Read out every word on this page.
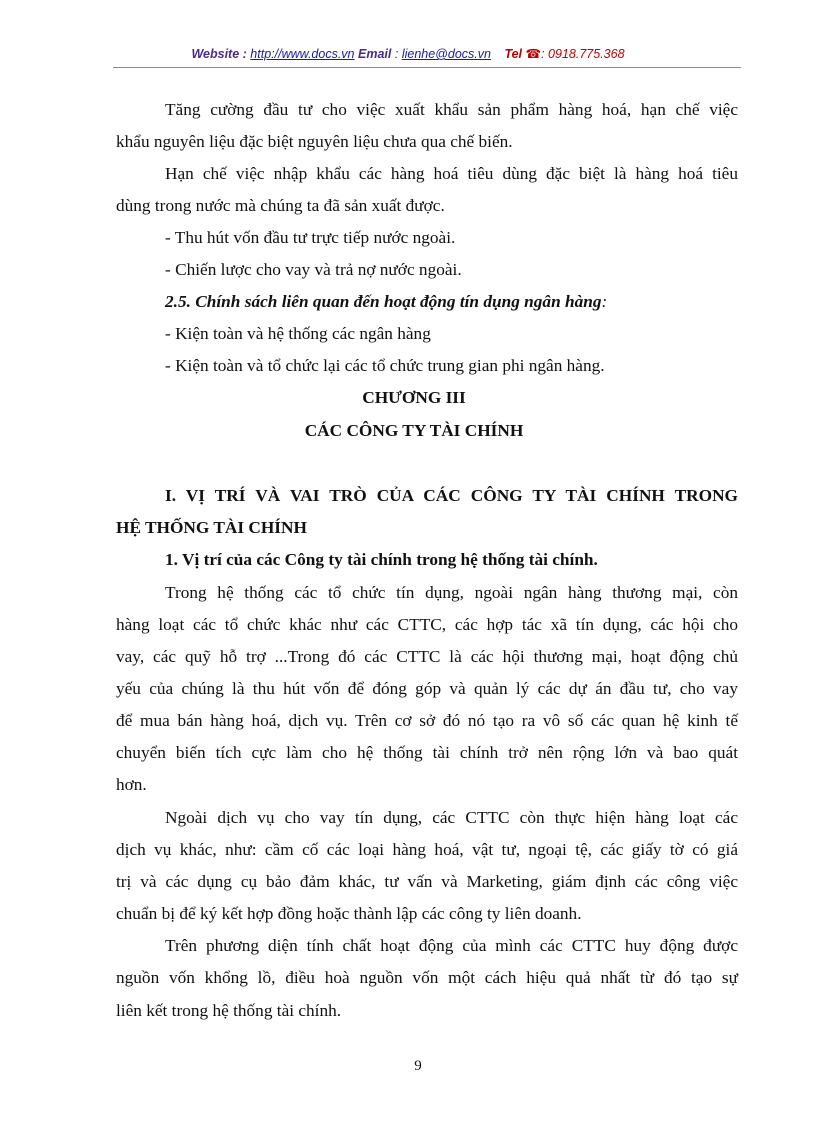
Website : http://www.docs.vn Email : lienhe@docs.vn Tel ☎: 0918.775.368
Tăng cường đầu tư cho việc xuất khẩu sản phẩm hàng hoá, hạn chế việc
khẩu nguyên liệu đặc biệt nguyên liệu chưa qua chế biến.
Hạn chế việc nhập khẩu các hàng hoá tiêu dùng đặc biệt là hàng hoá tiêu
dùng trong nước mà chúng ta đã sản xuất được.
- Thu hút vốn đầu tư trực tiếp nước ngoài.
- Chiến lược cho vay và trả nợ nước ngoài.
2.5. Chính sách liên quan đến hoạt động tín dụng ngân hàng:
- Kiện toàn và hệ thống các ngân hàng
- Kiện toàn và tổ chức lại các tổ chức trung gian phi ngân hàng.
CHƯƠNG III
CÁC CÔNG TY TÀI CHÍNH
I. VỊ TRÍ VÀ VAI TRÒ CỦA CÁC CÔNG TY TÀI CHÍNH TRONG
HỆ THỐNG TÀI CHÍNH
1. Vị trí của các Công ty tài chính trong hệ thống tài chính.
Trong hệ thống các tổ chức tín dụng, ngoài ngân hàng thương mại, còn
hàng loạt các tổ chức khác như các CTTC, các hợp tác xã tín dụng, các hội cho
vay, các quỹ hỗ trợ ...Trong đó các CTTC là các hội thương mại, hoạt động chủ
yếu của chúng là thu hút vốn để đóng góp và quản lý các dự án đầu tư, cho vay
để mua bán hàng hoá, dịch vụ. Trên cơ sở đó nó tạo ra vô số các quan hệ kinh tế
chuyển biến tích cực làm cho hệ thống tài chính trở nên rộng lớn và bao quát
hơn.
Ngoài dịch vụ cho vay tín dụng, các CTTC còn thực hiện hàng loạt các
dịch vụ khác, như: cầm cố các loại hàng hoá, vật tư, ngoại tệ, các giấy tờ có giá
trị và các dụng cụ bảo đảm khác, tư vấn và Marketing, giám định các công việc
chuẩn bị để ký kết hợp đồng hoặc thành lập các công ty liên doanh.
Trên phương diện tính chất hoạt động của mình các CTTC huy động được
nguồn vốn khổng lồ, điều hoà nguồn vốn một cách hiệu quả nhất từ đó tạo sự
liên kết trong hệ thống tài chính.
9
